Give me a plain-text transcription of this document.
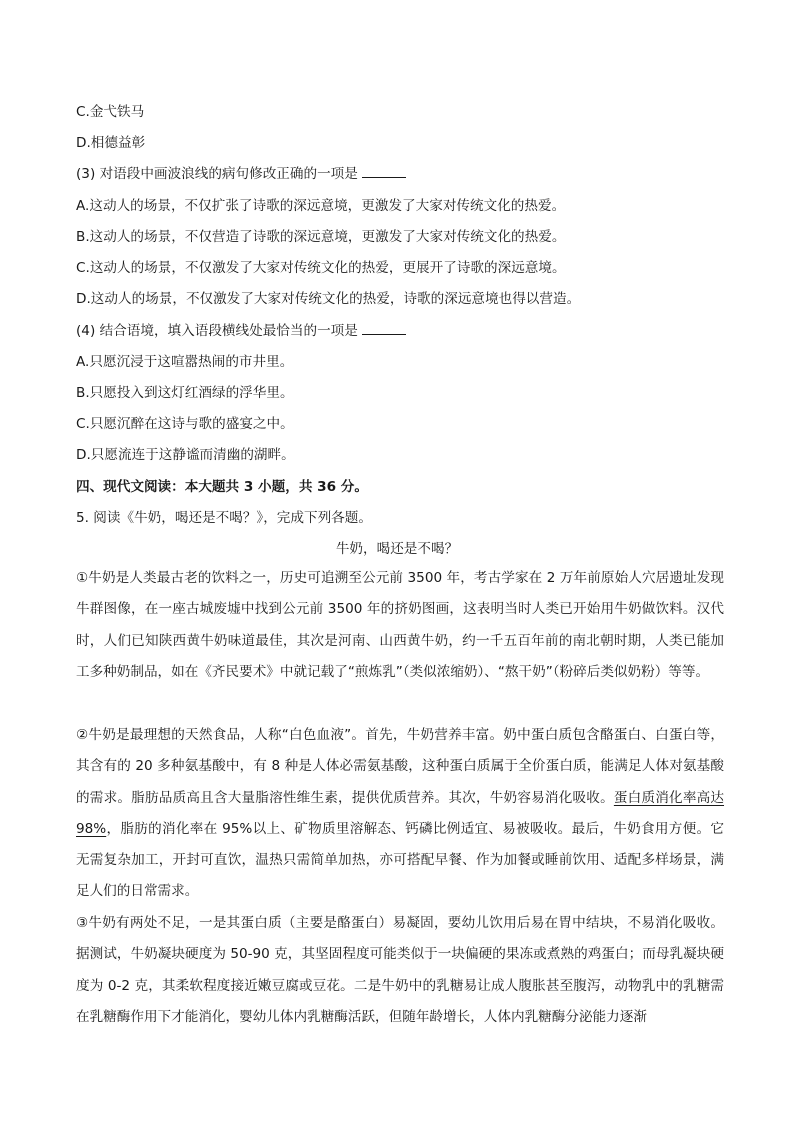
C.金弋铁马
D.相德益彰
(3) 对语段中画波浪线的病句修改正确的一项是
A.这动人的场景，不仅扩张了诗歌的深远意境，更激发了大家对传统文化的热爱。
B.这动人的场景，不仅营造了诗歌的深远意境，更激发了大家对传统文化的热爱。
C.这动人的场景，不仅激发了大家对传统文化的热爱，更展开了诗歌的深远意境。
D.这动人的场景，不仅激发了大家对传统文化的热爱，诗歌的深远意境也得以营造。
(4) 结合语境，填入语段横线处最恰当的一项是
A.只愿沉浸于这喧嚣热闹的市井里。
B.只愿投入到这灯红酒绿的浮华里。
C.只愿沉醉在这诗与歌的盛宴之中。
D.只愿流连于这静谧而清幽的湖畔。
四、现代文阅读：本大题共 3 小题，共 36 分。
5. 阅读《牛奶，喝还是不喝？》，完成下列各题。
牛奶，喝还是不喝？
①牛奶是人类最古老的饮料之一，历史可追溯至公元前 3500 年，考古学家在 2 万年前原始人穴居遗址发现牛群图像，在一座古城废墟中找到公元前 3500 年的挤奶图画，这表明当时人类已开始用牛奶做饮料。汉代时，人们已知陕西黄牛奶味道最佳，其次是河南、山西黄牛奶，约一千五百年前的南北朝时期，人类已能加工多种奶制品，如在《齐民要术》中就记载了“煎炼乳”（类似浓缩奶）、“熬干奶”（粉碎后类似奶粉）等等。
②牛奶是最理想的天然食品，人称“白色血液”。首先，牛奶营养丰富。奶中蛋白质包含酪蛋白、白蛋白等，其含有的 20 多种氨基酸中，有 8 种是人体必需氨基酸，这种蛋白质属于全价蛋白质，能满足人体对氨基酸的需求。脂肪品质高且含大量脂溶性维生素，提供优质营养。其次，牛奶容易消化吸收。蛋白质消化率高达 98%，脂肪的消化率在 95%以上、矿物质里溶解态、钙磷比例适宜、易被吸收。最后，牛奶食用方便。它无需复杂加工，开封可直饮，温热只需简单加热，亦可搭配早餐、作为加餐或睡前饮用、适配多样场景，满足人们的日常需求。
③牛奶有两处不足，一是其蛋白质（主要是酪蛋白）易凝固，要幼儿饮用后易在胃中结块，不易消化吸收。据测试，牛奶凝块硬度为 50-90 克，其坚固程度可能类似于一块偏硬的果冻或煮熟的鸡蛋白；而母乳凝块硬度为 0-2 克，其柔软程度接近嫩豆腐或豆花。二是牛奶中的乳糖易让成人腹胀甚至腹泻，动物乳中的乳糖需在乳糖酶作用下才能消化，婴幼儿体内乳糖酶活跃，但随年龄增长，人体内乳糖酶分泌能力逐渐
